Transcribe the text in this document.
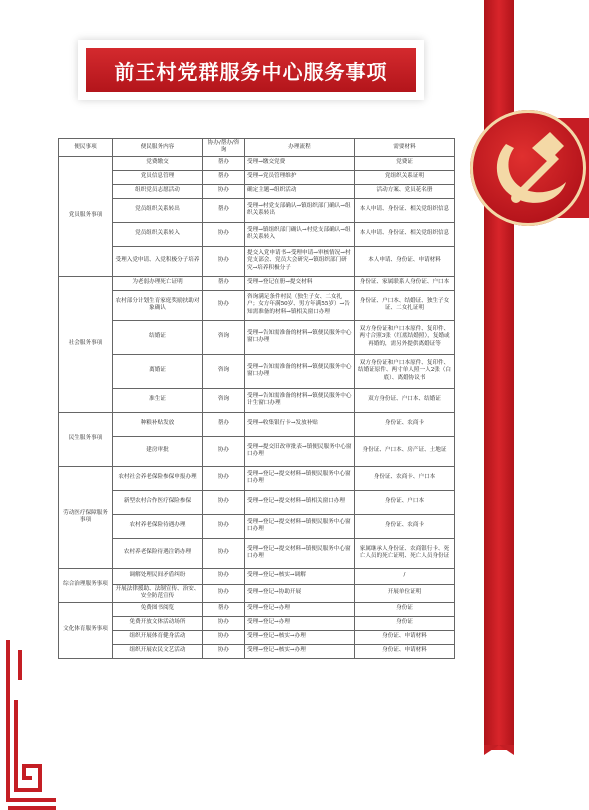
前王村党群服务中心服务事项
便民事项	便民服务内容	协办/帮办/咨询	办理流程	需要材料
党员服务事项	党费缴交	帮办	受理→缴交党费	党费证
	党员信息管理	帮办	受理→党员管理维护	党组织关系证明
	组织党员志愿活动	协办	确定主题→组织活动	活动方案、党员花名册
	党员组织关系转出	帮办	受理→村党支部确认→镇组织部门确认→组织关系转出	本人申请、身份证、相关党组织信息
	党员组织关系转入	协办	受理→镇组织部门确认→村党支部确认→组织关系转入	本人申请、身份证、相关党组织信息
	受理入党申请、入党积极分子培养	协办	提交入党申请书→受理申请→审核情况→村党支部会、党员大会研究→镇组织部门研究→培养积极分子	本人申请、身份证、申请材料
社会服务事项	为老弱办理死亡证明	帮办	受理→登记在册→提交材料	身份证、家属联系人身份证、户口本
	农村部分计划生育家庭奖励扶助对象确认	协办	咨询满足条件村民（独生子女、二女扎户；女方年满50岁、男方年满55岁）→告知需准备的材料→镇相关窗口办理	身份证、户口本、结婚证、独生子女证、二女扎证明
	结婚证	咨询	受理→告知需准备的材料→镇便民服务中心窗口办理	双方身份证和户口本原件、复印件、两寸合照3张（红底结婚照），复婚或再婚的，需另外提供离婚证等
	离婚证	咨询	受理→告知需准备的材料→镇便民服务中心窗口办理	双方身份证和户口本原件、复印件、结婚证原件、两寸单人照一人2张（白底）、离婚协议书
	准生证	咨询	受理→告知需准备的材料→镇便民服务中心计生窗口办理	双方身份证、户口本、结婚证
民生服务事项	种粮补贴发放	帮办	受理→收集银行卡→发放补贴	身份证、农商卡
	建房审批	协办	受理→提交旧改审批表→镇便民服务中心窗口办理	身份证、户口本、房产证、土地证
劳动医疗保障服务事项	农村社会养老保险参保申报办理	协办	受理→登记→提交材料→镇便民服务中心窗口办理	身份证、农商卡、户口本
	新型农村合作医疗保险参保	协办	受理→登记→提交材料→镇相关窗口办理	身份证、户口本
	农村养老保险待遇办理	协办	受理→登记→提交材料→镇便民服务中心窗口办理	身份证、农商卡
	农村养老保险待遇注销办理	协办	受理→登记→提交材料→镇便民服务中心窗口办理	家属继承人身份证、农商银行卡、死亡人员的死亡证明、死亡人员身份证
综合治理服务事项	调解处理民间矛盾纠纷	协办	受理→登记→核实→调解	/
	开展法律援助、法制宣传、治安、安全防范宣传	协办	受理→登记→协助开展	开展单位证明
文化体育服务事项	免费图书阅览	帮办	受理→登记→办理	身份证
	免费开放文体活动场所	协办	受理→登记→办理	身份证
	组织开展体育健身活动	协办	受理→登记→核实→办理	身份证、申请材料
	组织开展农民文艺活动	协办	受理→登记→核实→办理	身份证、申请材料
